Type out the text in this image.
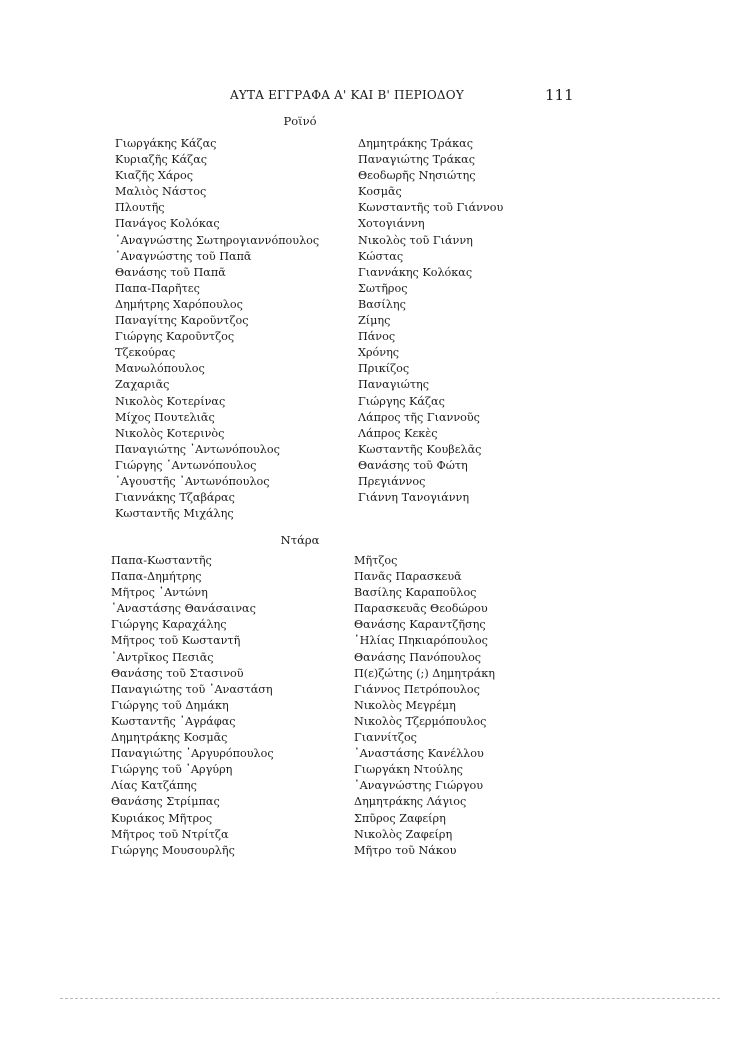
ΑΥΤΑ ΕΓΓΡΑΦΑ Α' ΚΑΙ Β' ΠΕΡΙΟΔΟΥ	111
Ροϊνό
Γιωργάκης Κάζας
Κυριαζῆς Κάζας
Κιαζῆς Χάρος
Μαλιὸς Νάστος
Πλουτῆς
Πανάγος Κολόκας
᾽Αναγνώστης Σωτηρογιαννόπουλος
᾽Αναγνώστης τοῦ Παπᾶ
Θανάσης τοῦ Παπᾶ
Παπα-Παρῆτες
Δημήτρης Χαρόπουλος
Παναγίτης Καροῦντζος
Γιώργης Καροῦντζος
Τζεκούρας
Μανωλόπουλος
Ζαχαριᾶς
Νικολὸς Κοτερίνας
Μίχος Πουτελιᾶς
Νικολὸς Κοτερινὸς
Παναγιώτης ᾽Αντωνόπουλος
Γιώργης ᾽Αντωνόπουλος
᾽Αγουστῆς ᾽Αντωνόπουλος
Γιαννάκης Τζαβάρας
Κωσταντῆς Μιχάλης
Δημητράκης Τράκας
Παναγιώτης Τράκας
Θεοδωρῆς Νησιώτης
Κοσμᾶς
Κωνσταντῆς τοῦ Γιάννου
Χοτογιάννη
Νικολὸς τοῦ Γιάννη
Κώστας
Γιαννάκης Κολόκας
Σωτῆρος
Βασίλης
Ζίμης
Πάνος
Χρόνης
Πρικίζος
Παναγιώτης
Γιώργης Κάζας
Λάπρος τῆς Γιαννοῦς
Λάπρος Κεκὲς
Κωσταντῆς Κουβελᾶς
Θανάσης τοῦ Φώτη
Πρεγιάννος
Γιάννη Τανογιάννη
Ντάρα
Παπα-Κωσταντῆς
Παπα-Δημήτρης
Μῆτρος ᾽Αντώνη
᾽Αναστάσης Θανάσαινας
Γιώργης Καραχάλης
Μῆτρος τοῦ Κωσταντῆ
᾽Αντρῖκος Πεσιᾶς
Θανάσης τοῦ Στασινοῦ
Παναγιώτης τοῦ ᾽Αναστάση
Γιώργης τοῦ Δημάκη
Κωσταντῆς ᾽Αγράφας
Δημητράκης Κοσμᾶς
Παναγιώτης ᾽Αργυρόπουλος
Γιώργης τοῦ ᾽Αργύρη
Λίας Κατζάπης
Θανάσης Στρίμπας
Κυριάκος Μῆτρος
Μῆτρος τοῦ Ντρίτζα
Γιώργης Μουσουρλῆς
Μῆτζος
Πανᾶς Παρασκευᾶ
Βασίλης Καραποῦλος
Παρασκευᾶς Θεοδώρου
Θανάσης Καραντζῆσης
῾Ηλίας Πηκιαρόπουλος
Θανάσης Πανόπουλος
Π(ε)ζώτης (;) Δημητράκη
Γιάννος Πετρόπουλος
Νικολὸς Μεγρέμη
Νικολὸς Τζερμόπουλος
Γιαννίτζος
᾽Αναστάσης Κανέλλου
Γιωργάκη Ντούλης
᾽Αναγνώστης Γιώργου
Δημητράκης Λάγιος
Σπῦρος Ζαφείρη
Νικολὸς Ζαφείρη
Μῆτρο τοῦ Νάκου
·
